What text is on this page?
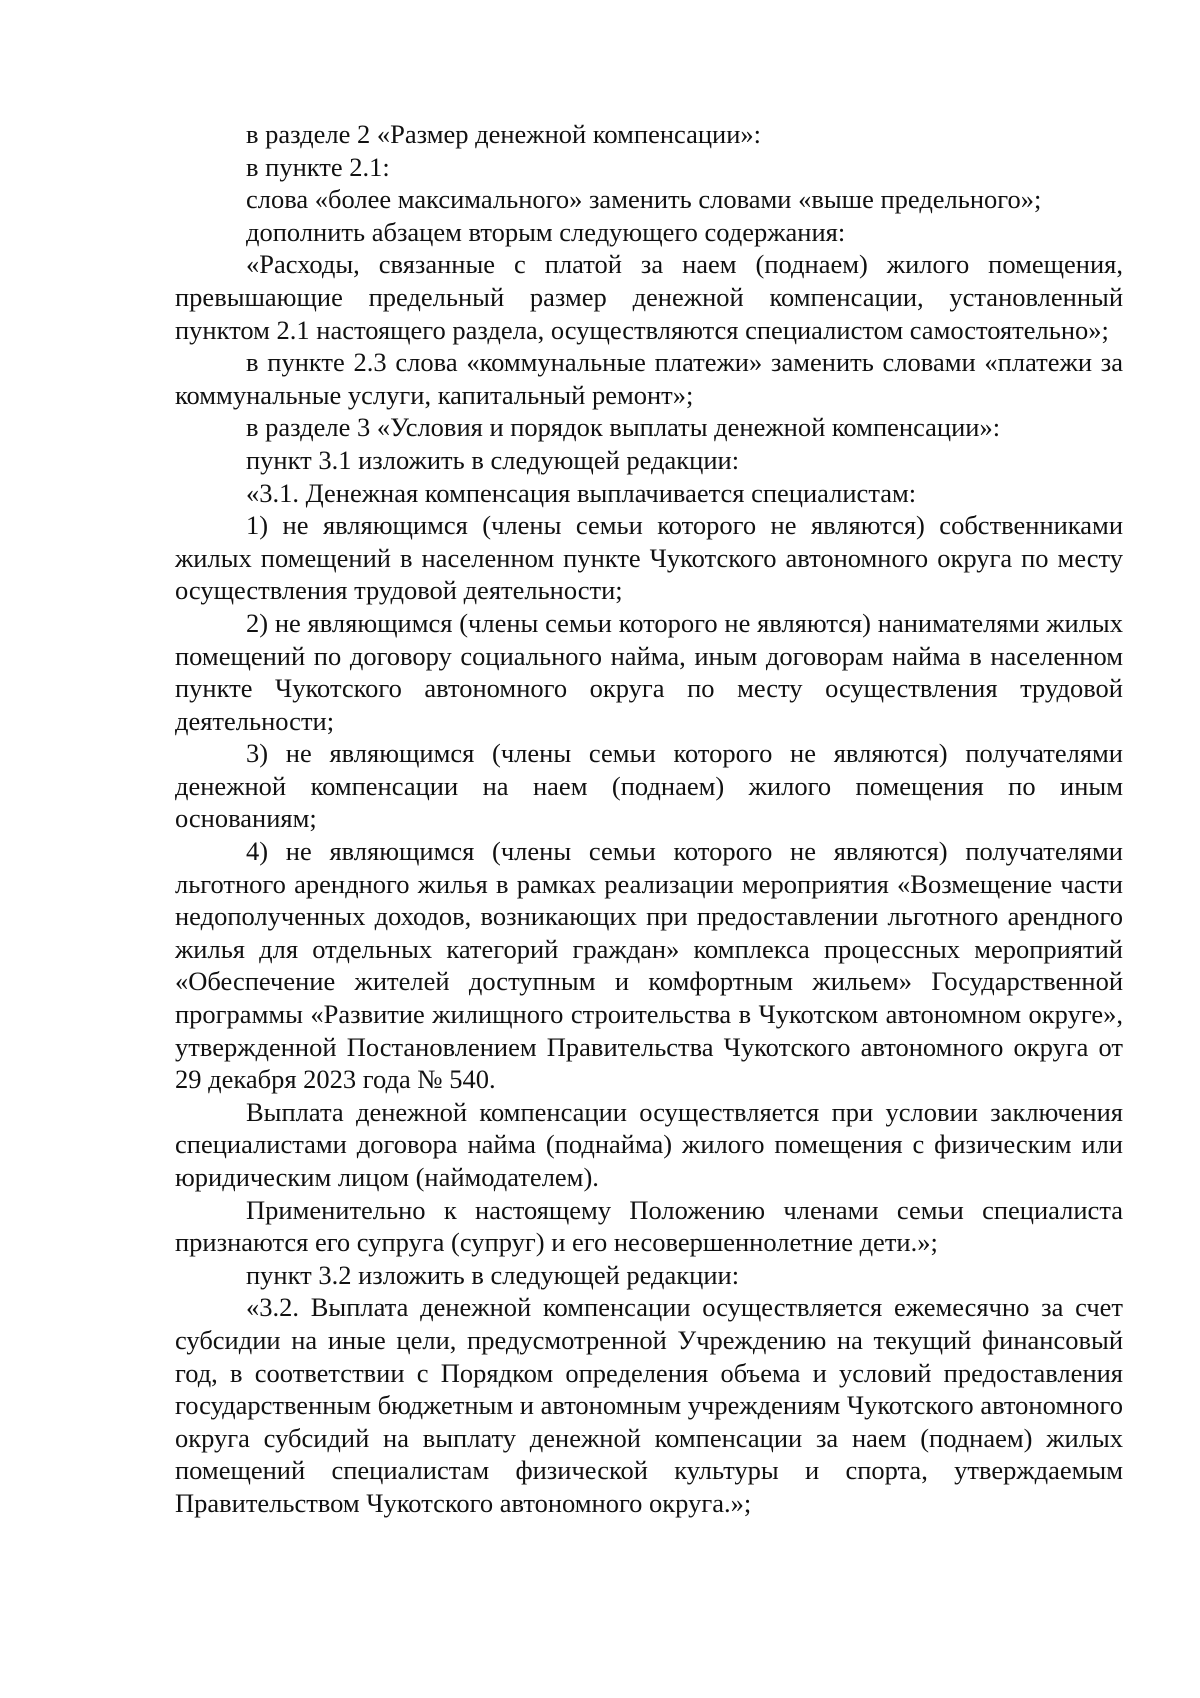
в разделе 2 «Размер денежной компенсации»:

в пункте 2.1:

слова «более максимального» заменить словами «выше предельного»;

дополнить абзацем вторым следующего содержания:

«Расходы, связанные с платой за наем (поднаем) жилого помещения, превышающие предельный размер денежной компенсации, установленный пунктом 2.1 настоящего раздела, осуществляются специалистом самостоятельно»;

в пункте 2.3 слова «коммунальные платежи» заменить словами «платежи за коммунальные услуги, капитальный ремонт»;

в разделе 3 «Условия и порядок выплаты денежной компенсации»:

пункт 3.1 изложить в следующей редакции:

«3.1. Денежная компенсация выплачивается специалистам:

1) не являющимся (члены семьи которого не являются) собственниками жилых помещений в населенном пункте Чукотского автономного округа по месту осуществления трудовой деятельности;

2) не являющимся (члены семьи которого не являются) нанимателями жилых помещений по договору социального найма, иным договорам найма в населенном пункте Чукотского автономного округа по месту осуществления трудовой деятельности;

3) не являющимся (члены семьи которого не являются) получателями денежной компенсации на наем (поднаем) жилого помещения по иным основаниям;

4) не являющимся (члены семьи которого не являются) получателями льготного арендного жилья в рамках реализации мероприятия «Возмещение части недополученных доходов, возникающих при предоставлении льготного арендного жилья для отдельных категорий граждан» комплекса процессных мероприятий «Обеспечение жителей доступным и комфортным жильем» Государственной программы «Развитие жилищного строительства в Чукотском автономном округе», утвержденной Постановлением Правительства Чукотского автономного округа от 29 декабря 2023 года № 540.

Выплата денежной компенсации осуществляется при условии заключения специалистами договора найма (поднайма) жилого помещения с физическим или юридическим лицом (наймодателем).

Применительно к настоящему Положению членами семьи специалиста признаются его супруга (супруг) и его несовершеннолетние дети.»;

пункт 3.2 изложить в следующей редакции:

«3.2. Выплата денежной компенсации осуществляется ежемесячно за счет субсидии на иные цели, предусмотренной Учреждению на текущий финансовый год, в соответствии с Порядком определения объема и условий предоставления государственным бюджетным и автономным учреждениям Чукотского автономного округа субсидий на выплату денежной компенсации за наем (поднаем) жилых помещений специалистам физической культуры и спорта, утверждаемым Правительством Чукотского автономного округа.»;
